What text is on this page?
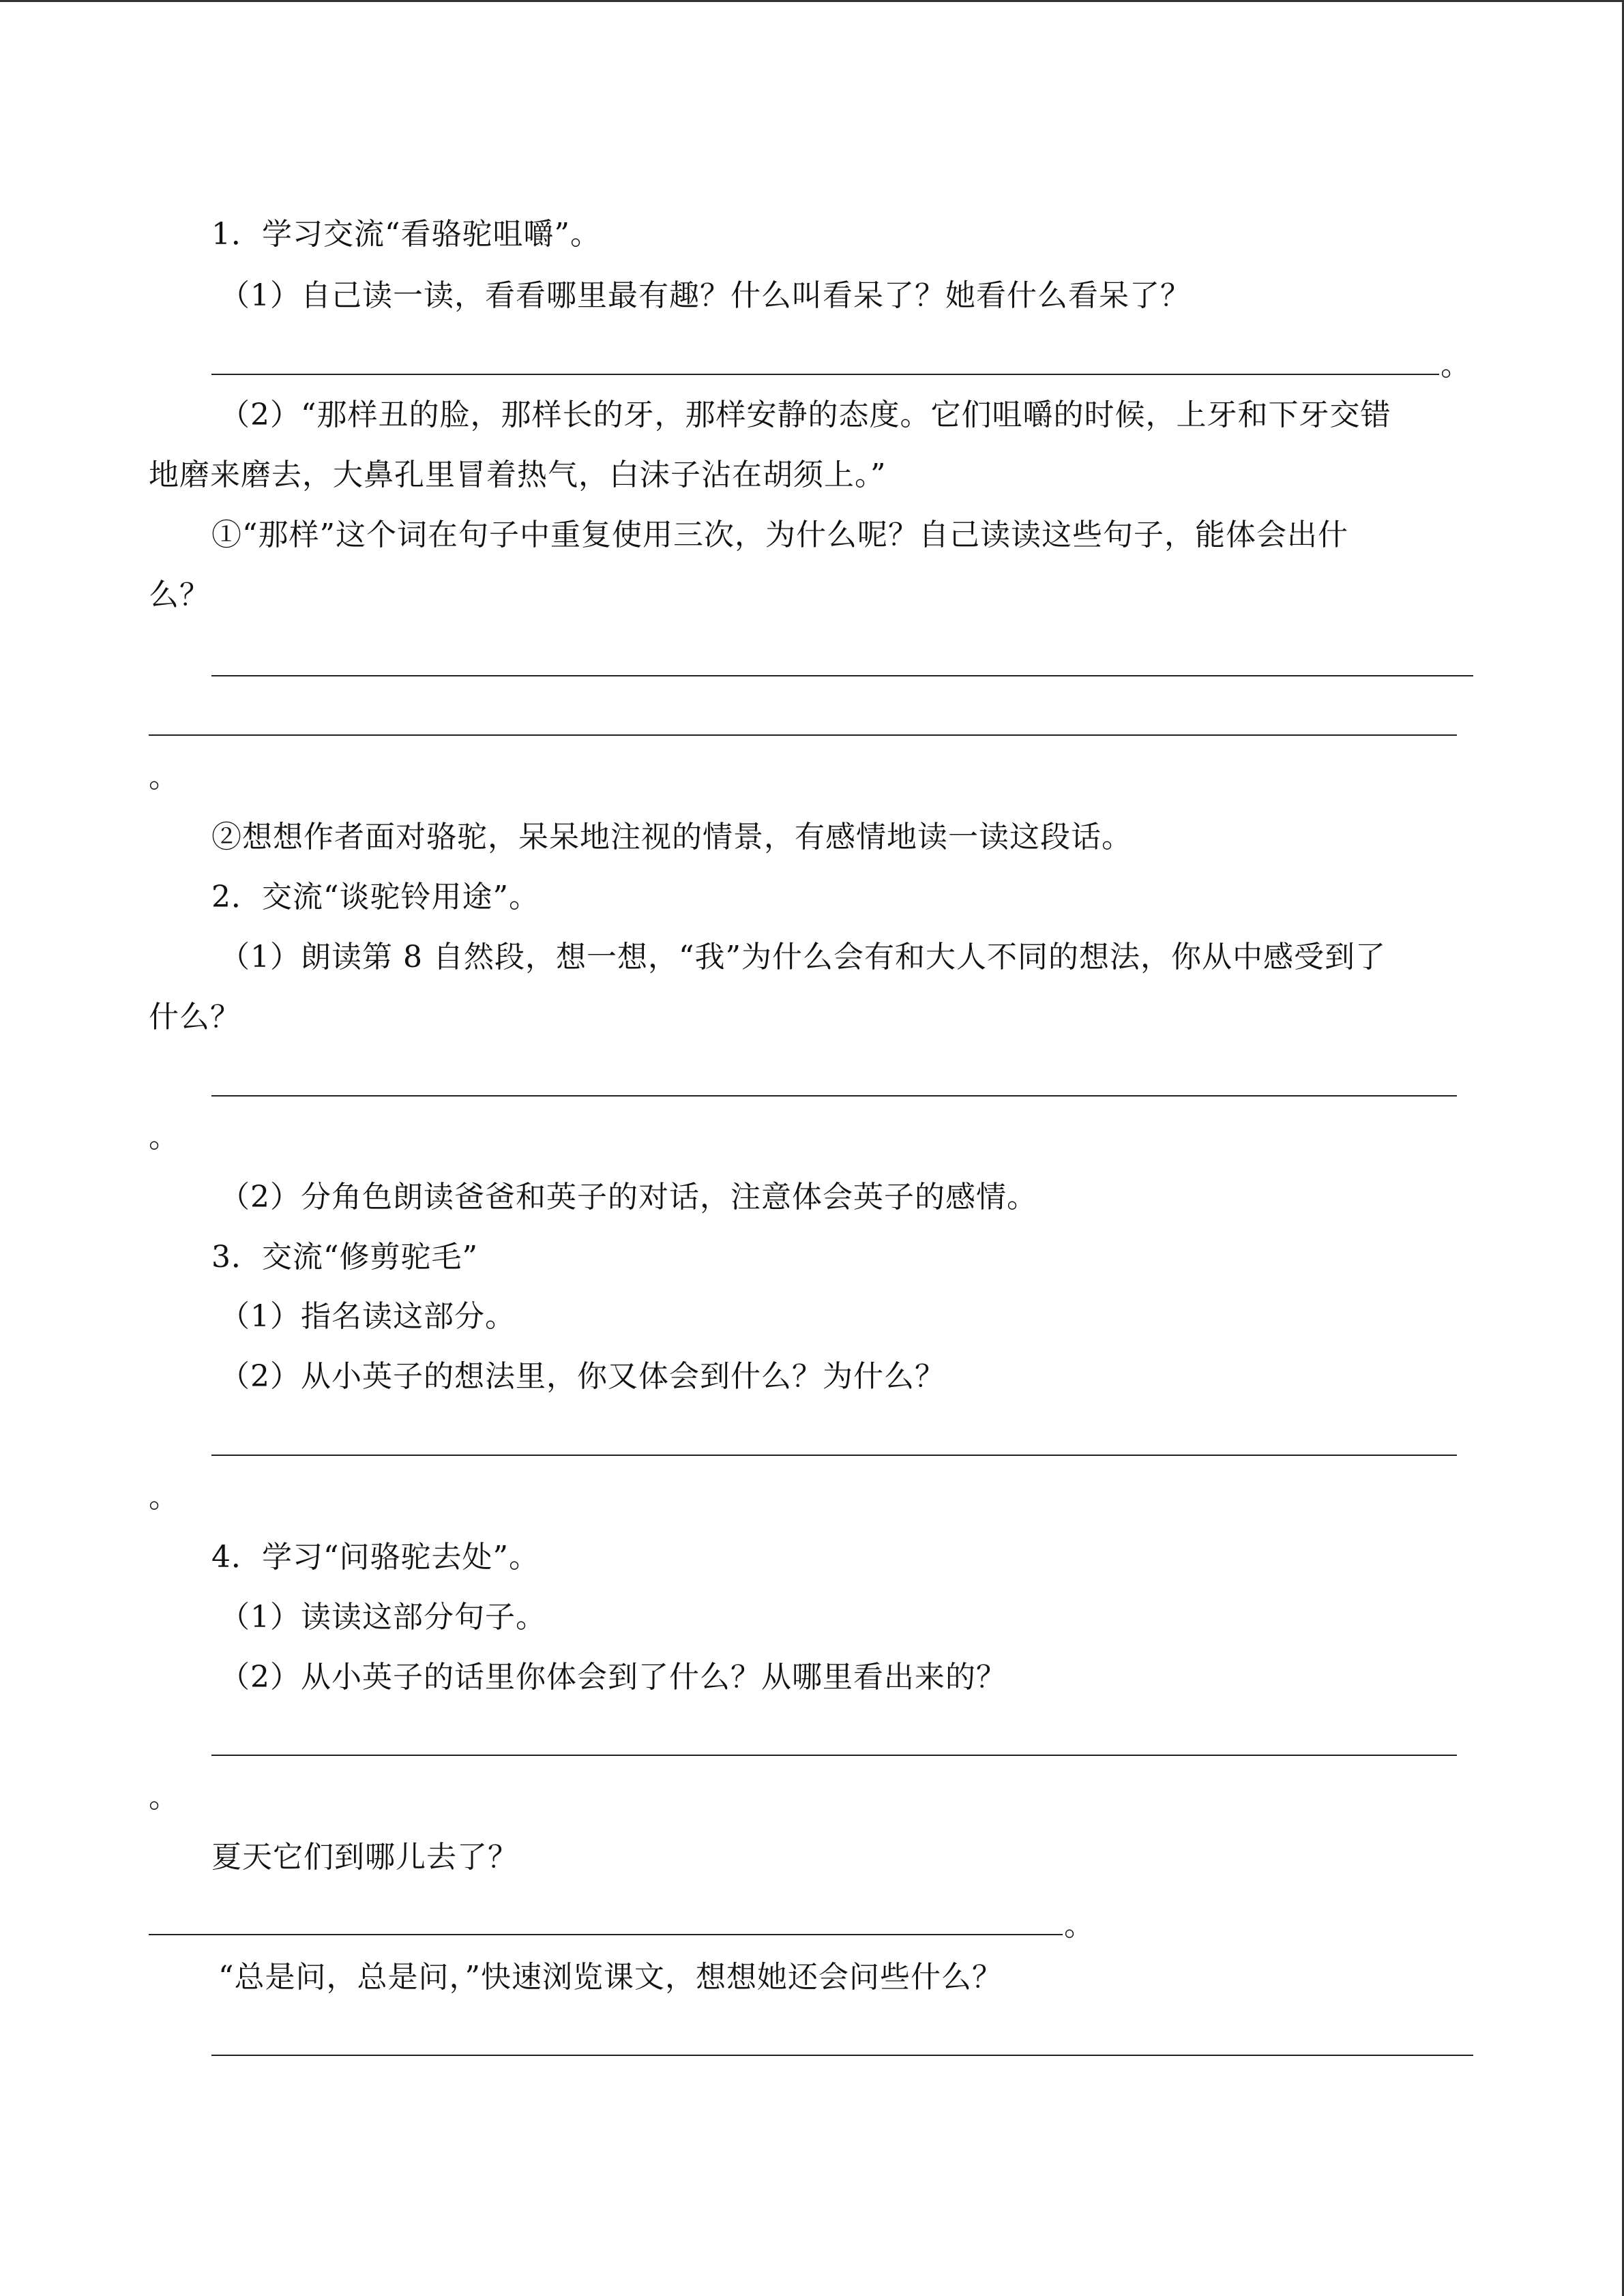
1．学习交流“看骆驼咀嚼”。
（1）自己读一读，看看哪里最有趣？什么叫看呆了？她看什么看呆了？
。
（2）“那样丑的脸，那样长的牙，那样安静的态度。它们咀嚼的时候，上牙和下牙交错
地磨来磨去，大鼻孔里冒着热气，白沫子沾在胡须上。”
①“那样”这个词在句子中重复使用三次，为什么呢？自己读读这些句子，能体会出什
么？
。
②想想作者面对骆驼，呆呆地注视的情景，有感情地读一读这段话。
2．交流“谈驼铃用途”。
（1）朗读第 8 自然段，想一想，“我”为什么会有和大人不同的想法，你从中感受到了
什么？
。
（2）分角色朗读爸爸和英子的对话，注意体会英子的感情。
3．交流“修剪驼毛”
（1）指名读这部分。
（2）从小英子的想法里，你又体会到什么？为什么？
。
4．学习“问骆驼去处”。
（1）读读这部分句子。
（2）从小英子的话里你体会到了什么？从哪里看出来的？
。
夏天它们到哪儿去了？
。
“总是问，总是问，”快速浏览课文，想想她还会问些什么？
